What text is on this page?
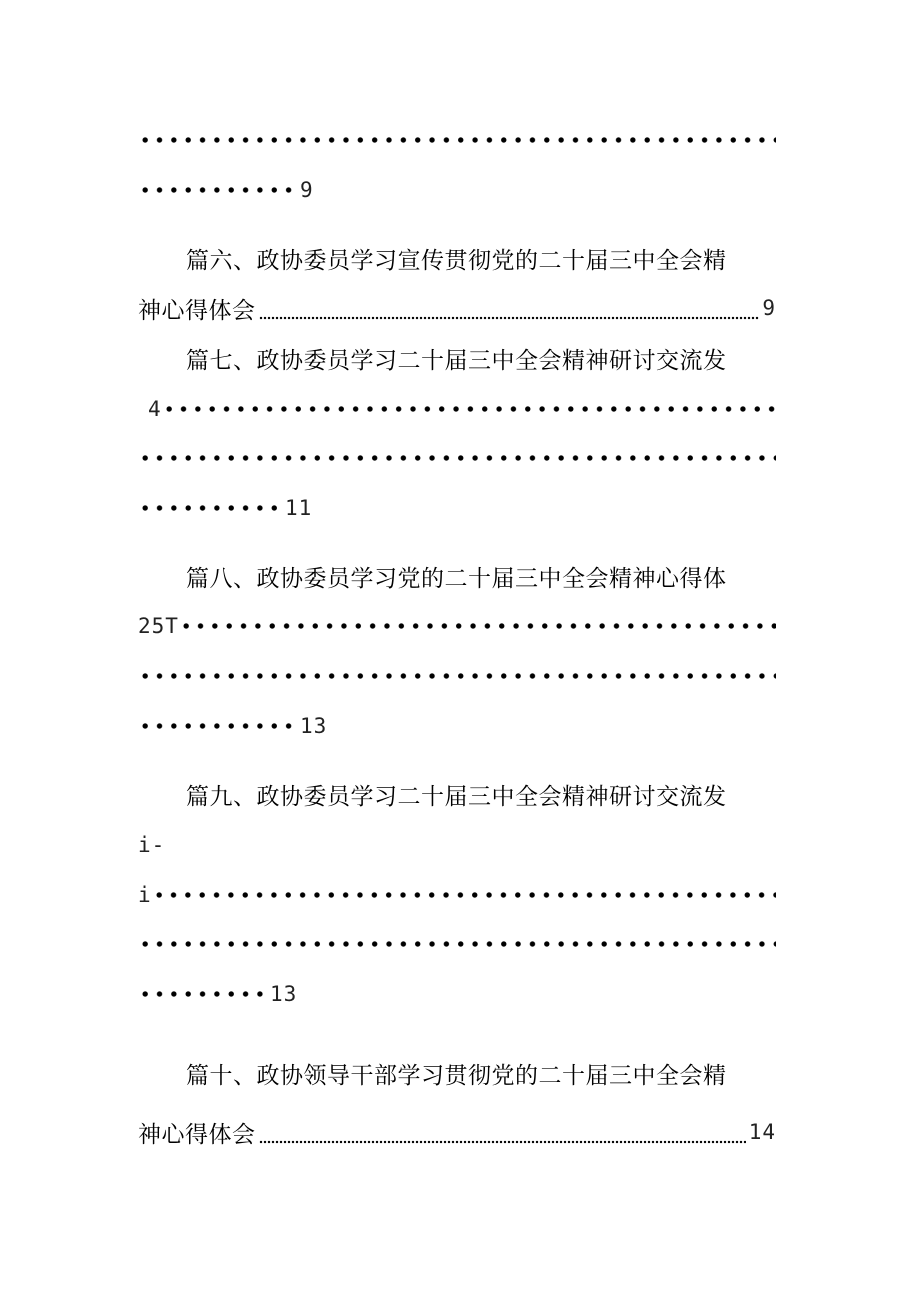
9
篇六、政协委员学习宣传贯彻党的二十届三中全会精
神心得体会	9
篇七、政协委员学习二十届三中全会精神研讨交流发
4
11
篇八、政协委员学习党的二十届三中全会精神心得体
25T
13
篇九、政协委员学习二十届三中全会精神研讨交流发
i-
i
13
篇十、政协领导干部学习贯彻党的二十届三中全会精
神心得体会	14
